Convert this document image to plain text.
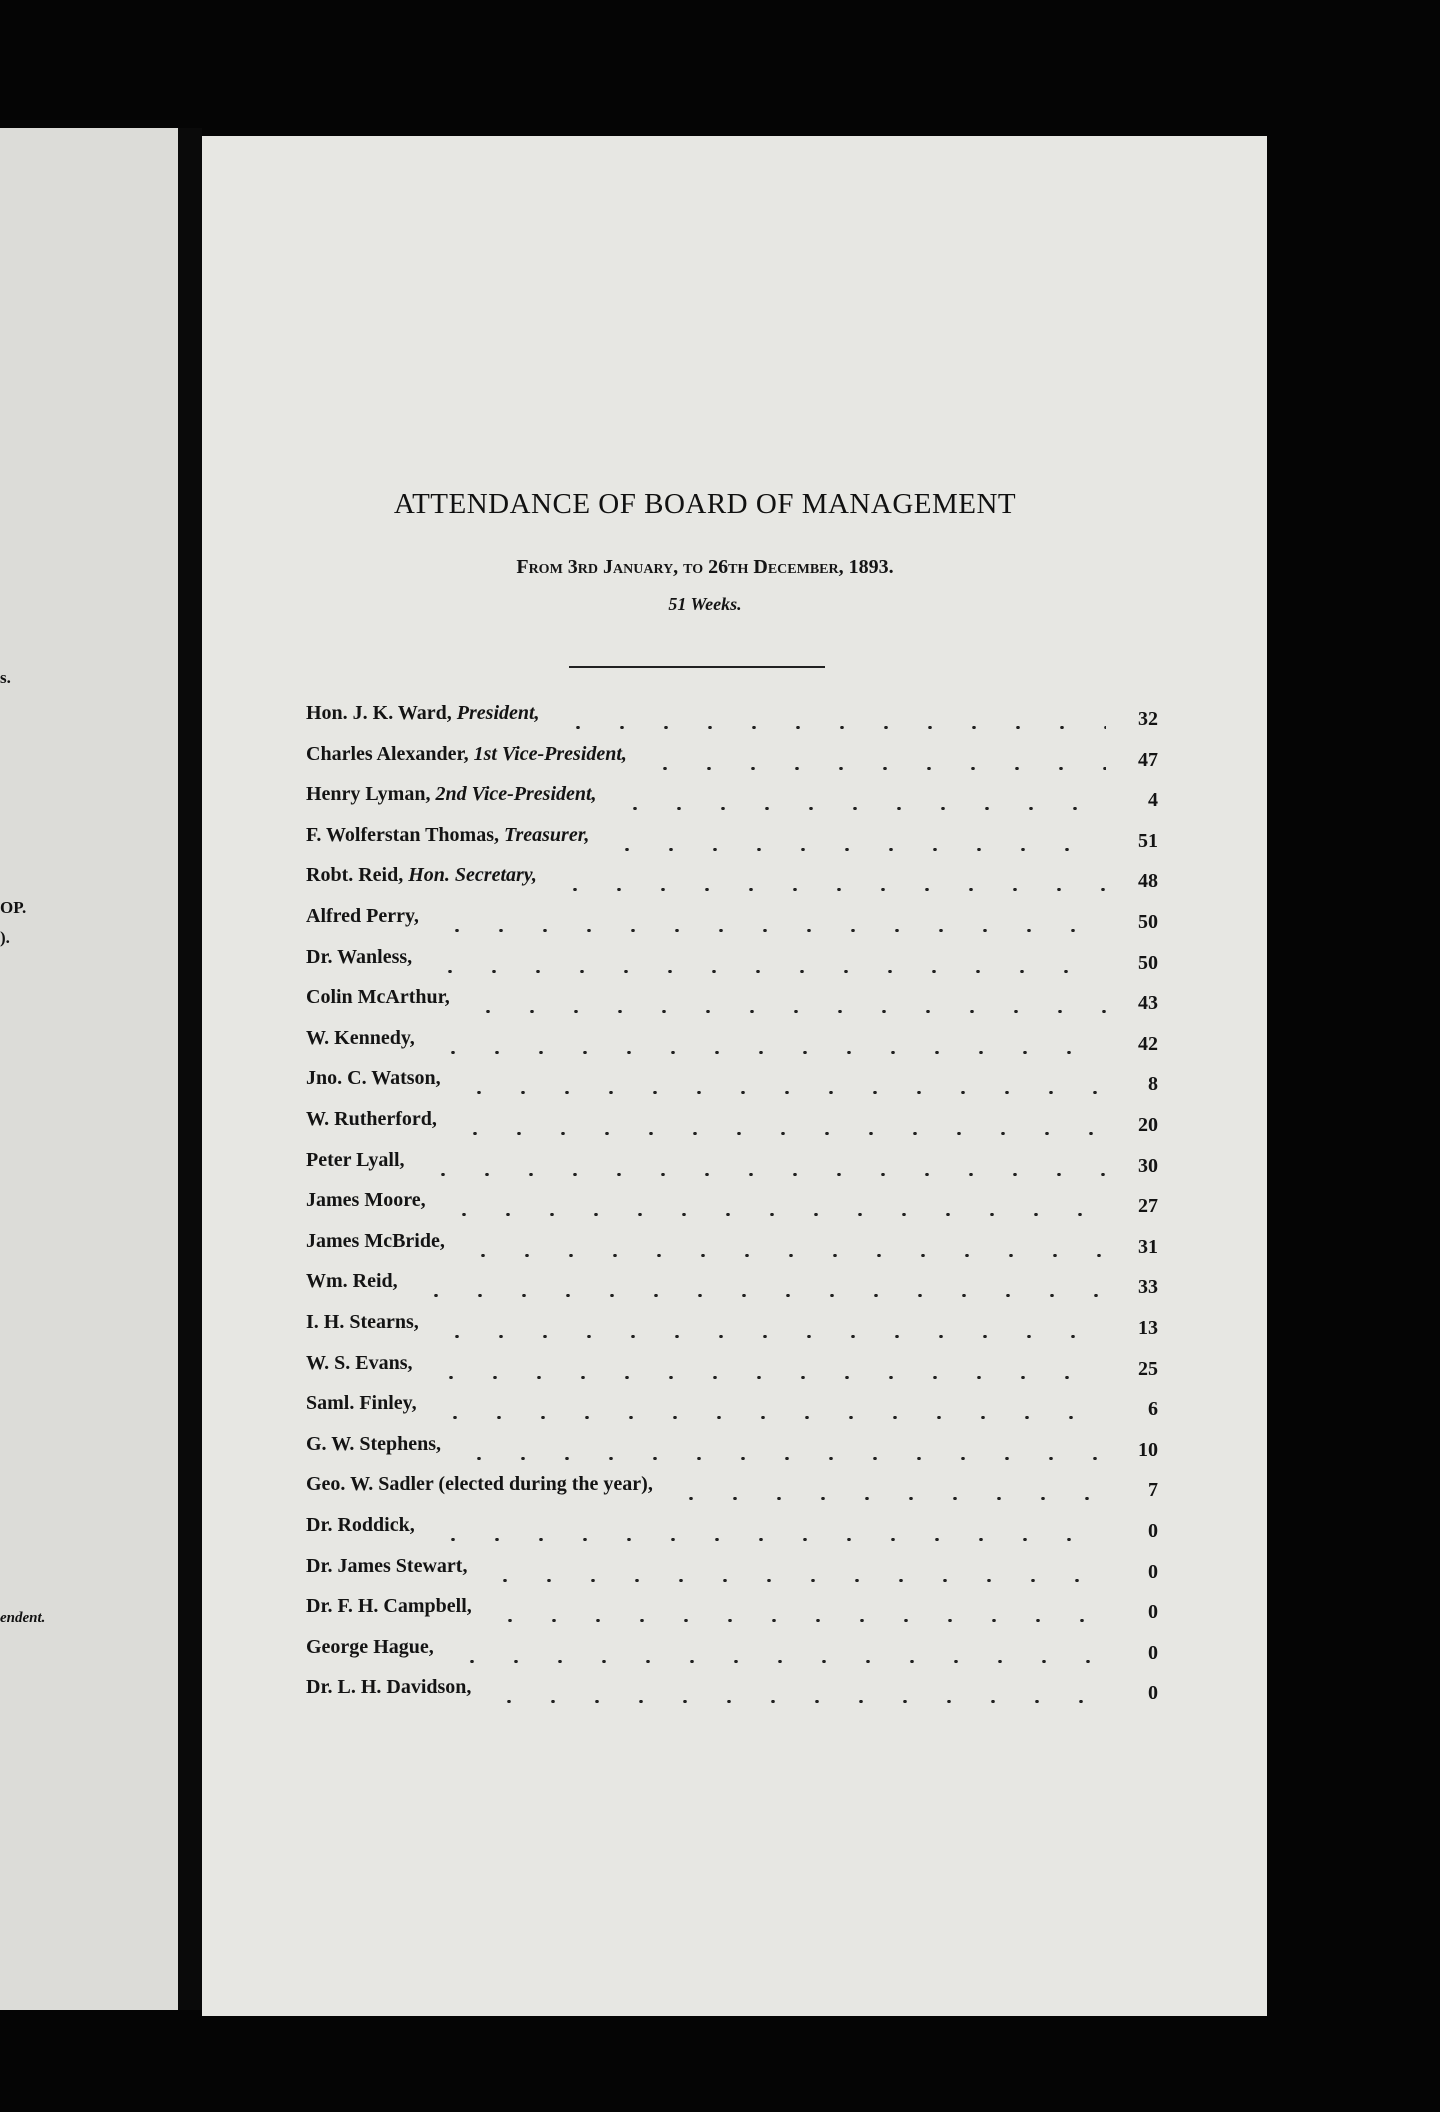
s.
OP.
).
endent.
ATTENDANCE OF BOARD OF MANAGEMENT
From 3rd January, to 26th December, 1893.
51 Weeks.
Hon. J. K. Ward, President,	32
Charles Alexander, 1st Vice-President,	47
Henry Lyman, 2nd Vice-President,	4
F. Wolferstan Thomas, Treasurer,	51
Robt. Reid, Hon. Secretary,	48
Alfred Perry,	50
Dr. Wanless,	50
Colin McArthur,	43
W. Kennedy,	42
Jno. C. Watson,	8
W. Rutherford,	20
Peter Lyall,	30
James Moore,	27
James McBride,	31
Wm. Reid,	33
I. H. Stearns,	13
W. S. Evans,	25
Saml. Finley,	6
G. W. Stephens,	10
Geo. W. Sadler (elected during the year),	7
Dr. Roddick,	0
Dr. James Stewart,	0
Dr. F. H. Campbell,	0
George Hague,	0
Dr. L. H. Davidson,	0
